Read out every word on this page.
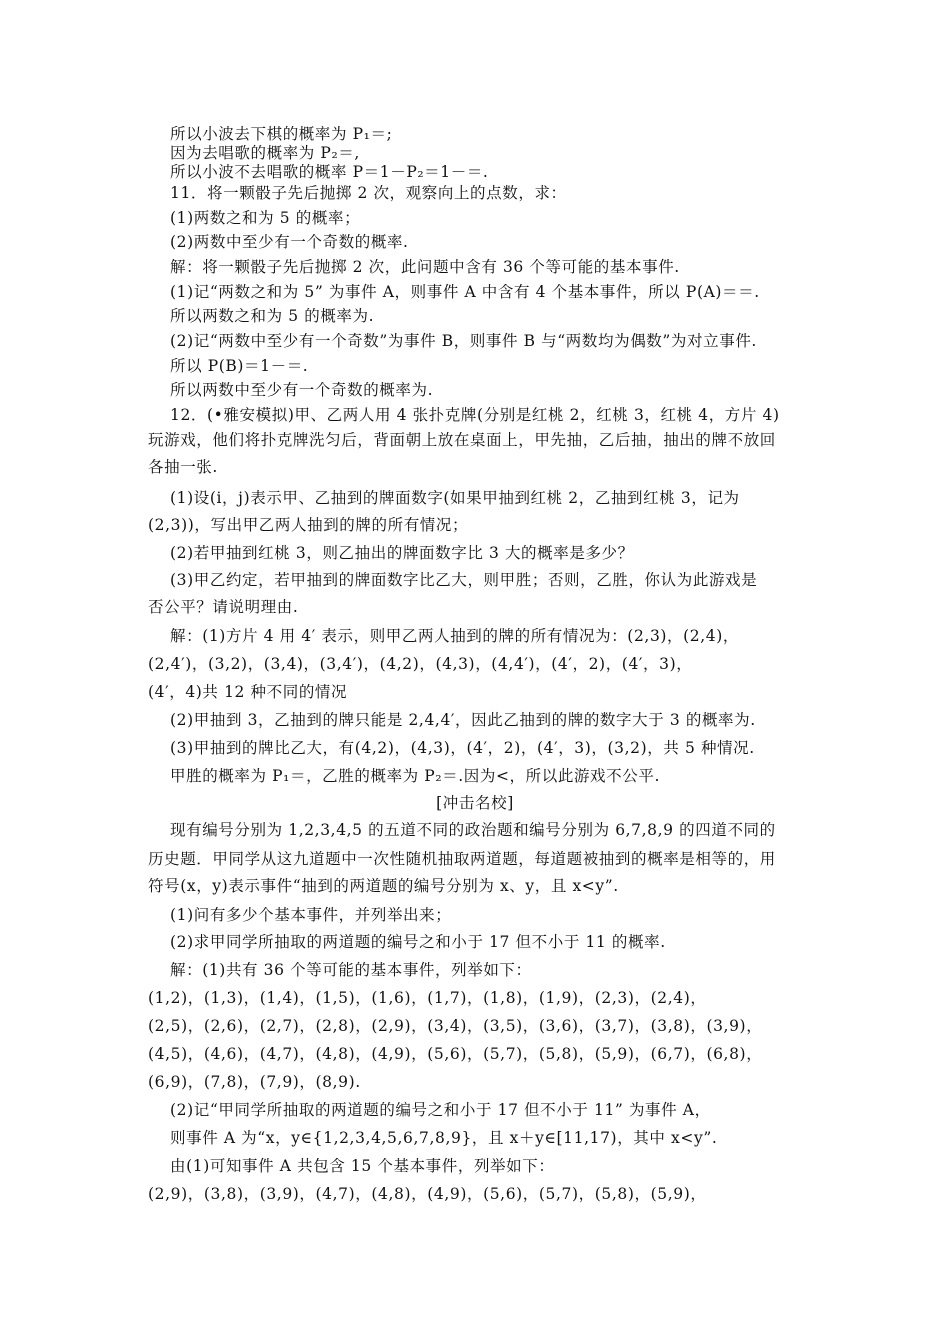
所以小波去下棋的概率为 P₁＝;
因为去唱歌的概率为 P₂＝,
所以小波不去唱歌的概率 P＝1－P₂＝1－＝.
11．将一颗骰子先后抛掷 2 次，观察向上的点数，求：
(1)两数之和为 5 的概率；
(2)两数中至少有一个奇数的概率.
解：将一颗骰子先后抛掷 2 次，此问题中含有 36 个等可能的基本事件.
(1)记“两数之和为 5” 为事件 A，则事件 A 中含有 4 个基本事件，所以 P(A)＝＝.
所以两数之和为 5 的概率为.
(2)记“两数中至少有一个奇数”为事件 B，则事件 B 与“两数均为偶数”为对立事件.
所以 P(B)＝1－＝.
所以两数中至少有一个奇数的概率为.
12．(•雅安模拟)甲、乙两人用 4 张扑克牌(分别是红桃 2，红桃 3，红桃 4，方片 4)
玩游戏，他们将扑克牌洗匀后，背面朝上放在桌面上，甲先抽，乙后抽，抽出的牌不放回
各抽一张.
(1)设(i，j)表示甲、乙抽到的牌面数字(如果甲抽到红桃 2，乙抽到红桃 3，记为
(2,3))，写出甲乙两人抽到的牌的所有情况；
(2)若甲抽到红桃 3，则乙抽出的牌面数字比 3 大的概率是多少？
(3)甲乙约定，若甲抽到的牌面数字比乙大，则甲胜；否则，乙胜，你认为此游戏是
否公平？请说明理由.
解：(1)方片 4 用 4′ 表示，则甲乙两人抽到的牌的所有情况为：(2,3)，(2,4)，
(2,4′)，(3,2)，(3,4)，(3,4′)，(4,2)，(4,3)，(4,4′)，(4′，2)，(4′，3)，
(4′，4)共 12 种不同的情况
(2)甲抽到 3，乙抽到的牌只能是 2,4,4′，因此乙抽到的牌的数字大于 3 的概率为.
(3)甲抽到的牌比乙大，有(4,2)，(4,3)，(4′，2)，(4′，3)，(3,2)，共 5 种情况.
甲胜的概率为 P₁＝，乙胜的概率为 P₂＝.因为<，所以此游戏不公平.
[冲击名校]
现有编号分别为 1,2,3,4,5 的五道不同的政治题和编号分别为 6,7,8,9 的四道不同的
历史题．甲同学从这九道题中一次性随机抽取两道题，每道题被抽到的概率是相等的，用
符号(x，y)表示事件“抽到的两道题的编号分别为 x、y，且 x<y”.
(1)问有多少个基本事件，并列举出来；
(2)求甲同学所抽取的两道题的编号之和小于 17 但不小于 11 的概率.
解：(1)共有 36 个等可能的基本事件，列举如下：
(1,2)，(1,3)，(1,4)，(1,5)，(1,6)，(1,7)，(1,8)，(1,9)，(2,3)，(2,4)，
(2,5)，(2,6)，(2,7)，(2,8)，(2,9)，(3,4)，(3,5)，(3,6)，(3,7)，(3,8)，(3,9)，
(4,5)，(4,6)，(4,7)，(4,8)，(4,9)，(5,6)，(5,7)，(5,8)，(5,9)，(6,7)，(6,8)，
(6,9)，(7,8)，(7,9)，(8,9).
(2)记“甲同学所抽取的两道题的编号之和小于 17 但不小于 11” 为事件 A，
则事件 A 为“x，y∈{1,2,3,4,5,6,7,8,9}，且 x＋y∈[11,17)，其中 x<y”.
由(1)可知事件 A 共包含 15 个基本事件，列举如下：
(2,9)，(3,8)，(3,9)，(4,7)，(4,8)，(4,9)，(5,6)，(5,7)，(5,8)，(5,9)，
